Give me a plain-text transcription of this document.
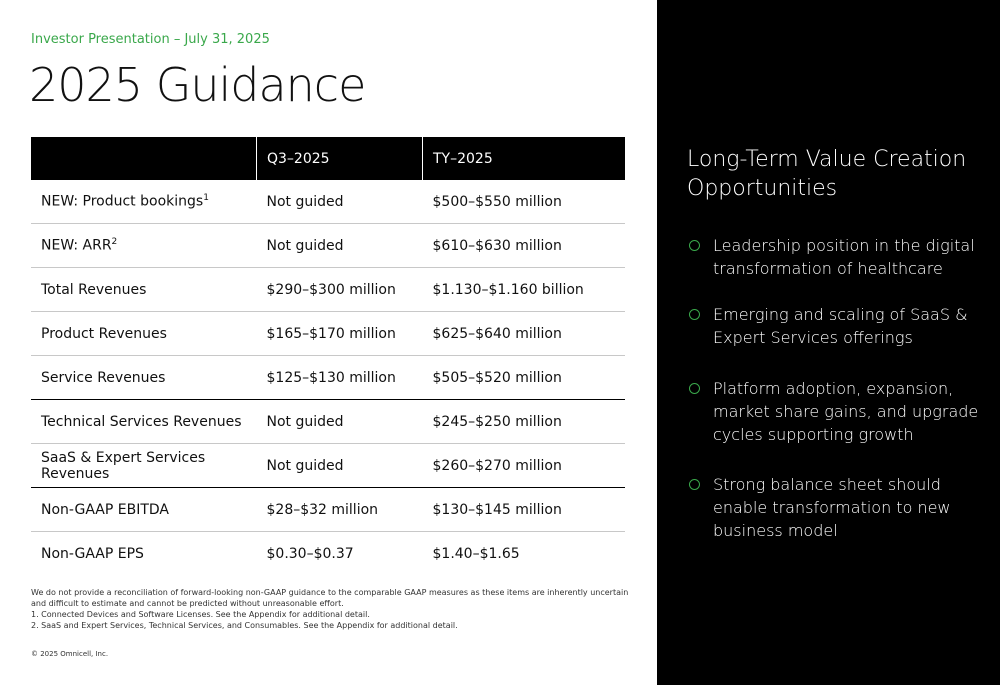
Investor Presentation – July 31, 2025
2025 Guidance
	Q3–2025	TY–2025
NEW: Product bookings$^1$	Not guided	$500–$550 million
NEW: ARR$^2$	Not guided	$610–$630 million
Total Revenues	$290–$300 million	$1.130–$1.160 billion
Product Revenues	$165–$170 million	$625–$640 million
Service Revenues	$125–$130 million	$505–$520 million
Technical Services Revenues	Not guided	$245–$250 million
SaaS & Expert Services Revenues	Not guided	$260–$270 million
Non-GAAP EBITDA	$28–$32 million	$130–$145 million
Non-GAAP EPS	$0.30–$0.37	$1.40–$1.65
We do not provide a reconciliation of forward-looking non-GAAP guidance to the comparable GAAP measures as these items are inherently uncertain and difficult to estimate and cannot be predicted without unreasonable effort.
1. Connected Devices and Software Licenses. See the Appendix for additional detail.
2. SaaS and Expert Services, Technical Services, and Consumables. See the Appendix for additional detail.
© 2025 Omnicell, Inc.
Long-Term Value Creation Opportunities
Leadership position in the digital transformation of healthcare
Emerging and scaling of SaaS & Expert Services offerings
Platform adoption, expansion, market share gains, and upgrade cycles supporting growth
Strong balance sheet should enable transformation to new business model
